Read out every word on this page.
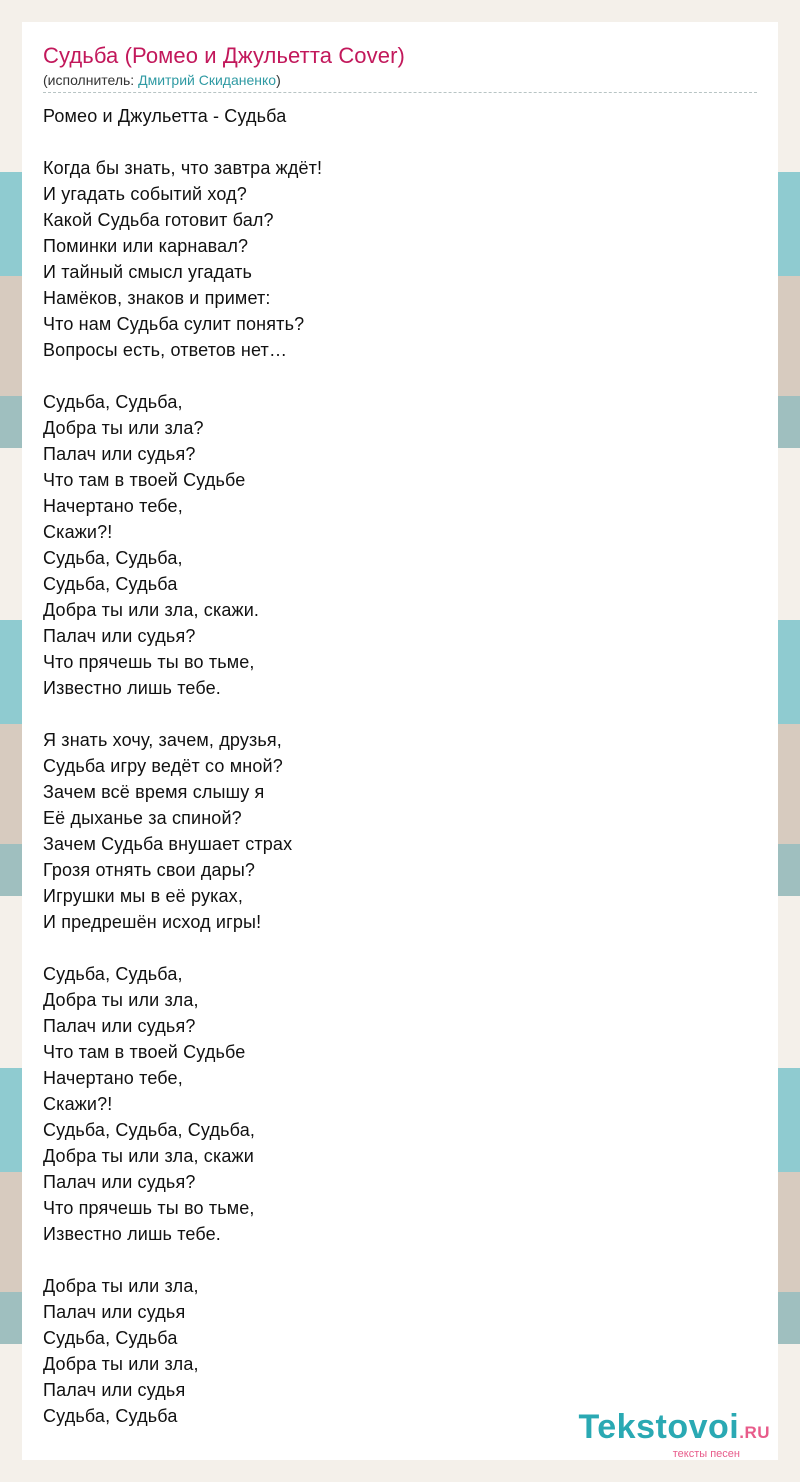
Судьба (Ромео и Джульетта Cover)
(исполнитель: Дмитрий Скиданенко)
Ромео и Джульетта - Судьба

Когда бы знать, что завтра ждёт!
И угадать событий ход?
Какой Судьба готовит бал?
Поминки или карнавал?
И тайный смысл угадать
Намёков, знаков и примет:
Что нам Судьба сулит понять?
Вопросы есть, ответов нет…

Судьба, Судьба,
Добра ты или зла?
Палач или судья?
Что там в твоей Судьбе
Начертано тебе,
Скажи?!
Судьба, Судьба,
Судьба, Судьба
Добра ты или зла, скажи.
Палач или судья?
Что прячешь ты во тьме,
Известно лишь тебе.

Я знать хочу, зачем, друзья,
Судьба игру ведёт со мной?
Зачем всё время слышу я
Её дыханье за спиной?
Зачем Судьба внушает страх
Грозя отнять свои дары?
Игрушки мы в её руках,
И предрешён исход игры!

Судьба, Судьба,
Добра ты или зла,
Палач или судья?
Что там в твоей Судьбе
Начертано тебе,
Скажи?!
Судьба, Судьба, Судьба,
Добра ты или зла, скажи
Палач или судья?
Что прячешь ты во тьме,
Известно лишь тебе.

Добра ты или зла,
Палач или судья
Судьба, Судьба
Добра ты или зла,
Палач или судья
Судьба, Судьба	Tekstovoi.RU
тексты песен
